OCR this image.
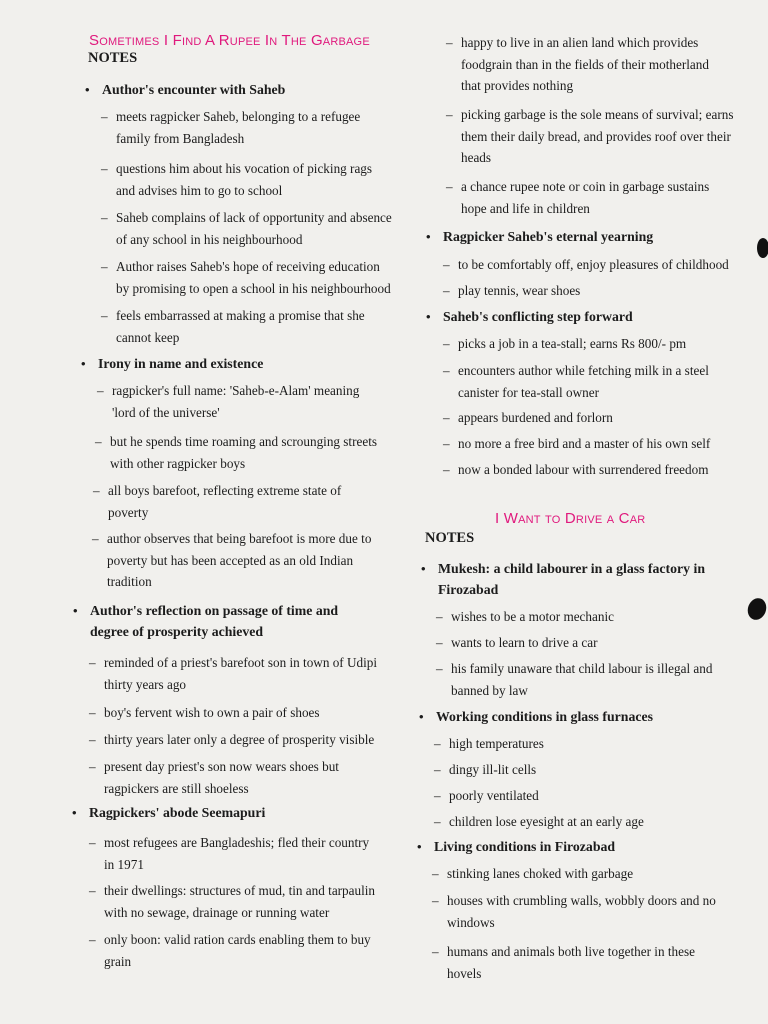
Sometimes I Find A Rupee In The Garbage
NOTES
• Author's encounter with Saheb
– meets ragpicker Saheb, belonging to a refugee
family from Bangladesh
– questions him about his vocation of picking rags
and advises him to go to school
– Saheb complains of lack of opportunity and absence
of any school in his neighbourhood
– Author raises Saheb's hope of receiving education
by promising to open a school in his neighbourhood
– feels embarrassed at making a promise that she
cannot keep
• Irony in name and existence
– ragpicker's full name: 'Saheb-e-Alam' meaning
'lord of the universe'
– but he spends time roaming and scrounging streets
with other ragpicker boys
– all boys barefoot, reflecting extreme state of
poverty
– author observes that being barefoot is more due to
poverty but has been accepted as an old Indian
tradition
• Author's reflection on passage of time and
degree of prosperity achieved
– reminded of a priest's barefoot son in town of Udipi
thirty years ago
– boy's fervent wish to own a pair of shoes
– thirty years later only a degree of prosperity visible
– present day priest's son now wears shoes but
ragpickers are still shoeless
• Ragpickers' abode Seemapuri
– most refugees are Bangladeshis; fled their country
in 1971
– their dwellings: structures of mud, tin and tarpaulin
with no sewage, drainage or running water
– only boon: valid ration cards enabling them to buy
grain
– happy to live in an alien land which provides
foodgrain than in the fields of their motherland
that provides nothing
– picking garbage is the sole means of survival; earns
them their daily bread, and provides roof over their
heads
– a chance rupee note or coin in garbage sustains
hope and life in children
• Ragpicker Saheb's eternal yearning
– to be comfortably off, enjoy pleasures of childhood
– play tennis, wear shoes
• Saheb's conflicting step forward
– picks a job in a tea-stall; earns Rs 800/- pm
– encounters author while fetching milk in a steel
canister for tea-stall owner
– appears burdened and forlorn
– no more a free bird and a master of his own self
– now a bonded labour with surrendered freedom
I Want to Drive a Car
NOTES
• Mukesh: a child labourer in a glass factory in
Firozabad
– wishes to be a motor mechanic
– wants to learn to drive a car
– his family unaware that child labour is illegal and
banned by law
• Working conditions in glass furnaces
– high temperatures
– dingy ill-lit cells
– poorly ventilated
– children lose eyesight at an early age
• Living conditions in Firozabad
– stinking lanes choked with garbage
– houses with crumbling walls, wobbly doors and no
windows
– humans and animals both live together in these
hovels
